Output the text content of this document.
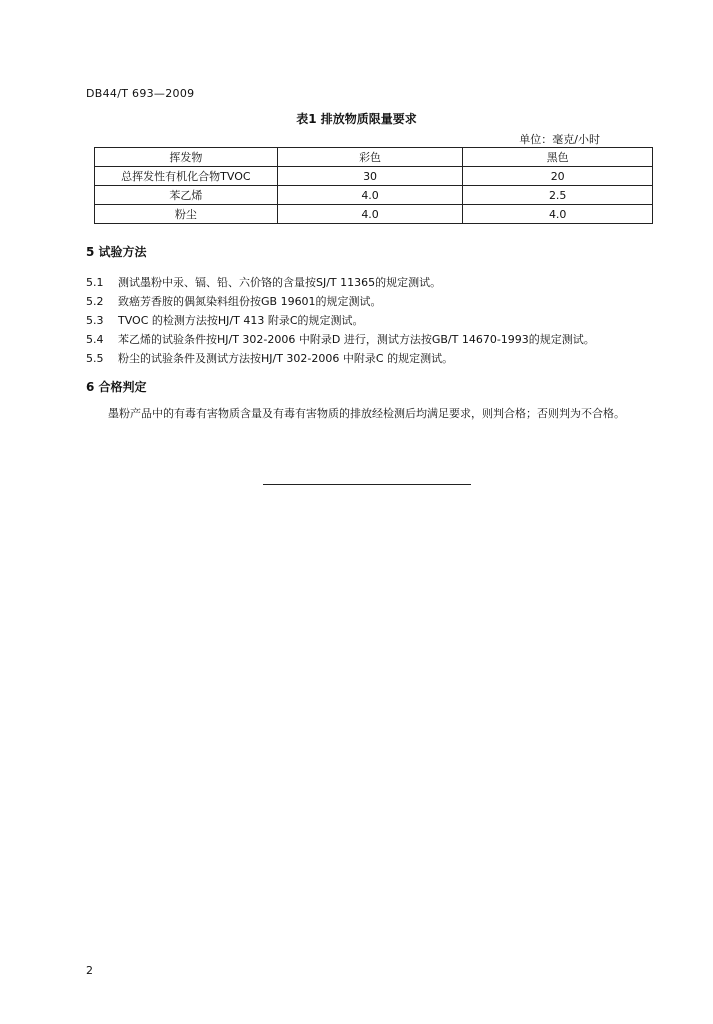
DB44/T 693—2009
表1 排放物质限量要求
单位：毫克/小时
挥发物	彩色	黑色
总挥发性有机化合物TVOC	30	20
苯乙烯	4.0	2.5
粉尘	4.0	4.0
5 试验方法
5.1 测试墨粉中汞、镉、铅、六价铬的含量按SJ/T 11365的规定测试。
5.2 致癌芳香胺的偶氮染料组份按GB 19601的规定测试。
5.3 TVOC 的检测方法按HJ/T 413 附录C的规定测试。
5.4 苯乙烯的试验条件按HJ/T 302-2006 中附录D 进行，测试方法按GB/T 14670-1993的规定测试。
5.5 粉尘的试验条件及测试方法按HJ/T 302-2006 中附录C 的规定测试。
6 合格判定
墨粉产品中的有毒有害物质含量及有毒有害物质的排放经检测后均满足要求，则判合格；否则判为不合格。
2
